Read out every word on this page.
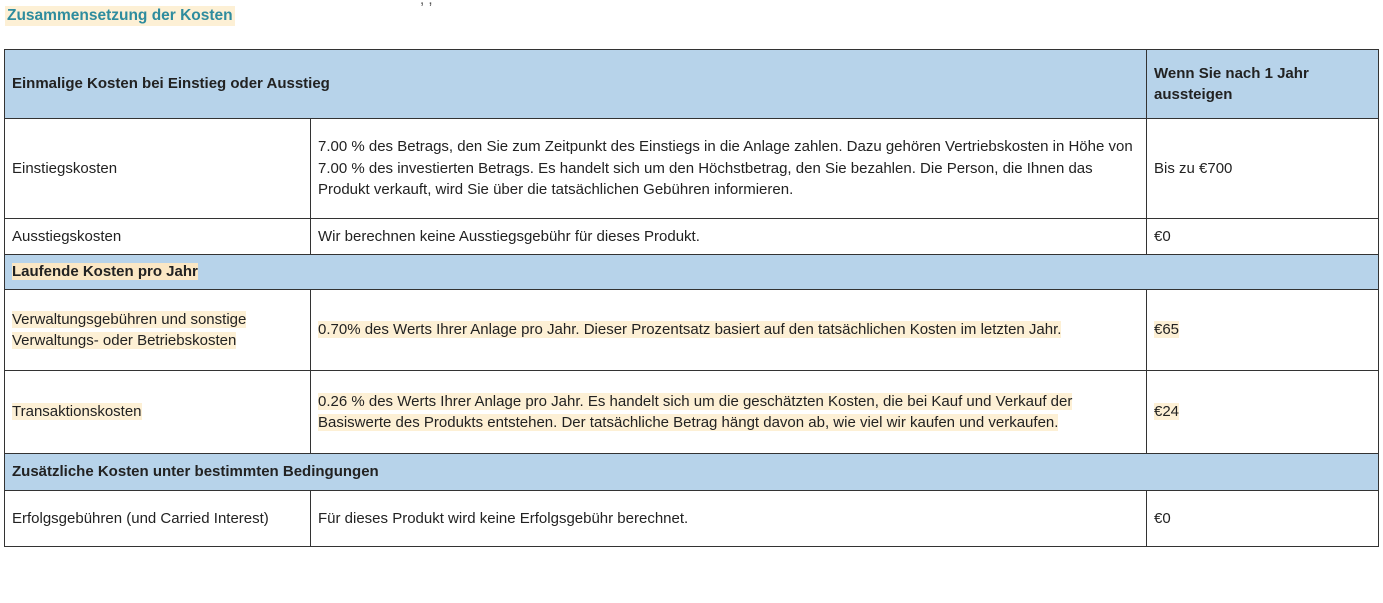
Zusammensetzung der Kosten
Einmalige Kosten bei Einstieg oder Ausstieg		Wenn Sie nach 1 Jahr aussteigen
Einstiegskosten	7.00 % des Betrags, den Sie zum Zeitpunkt des Einstiegs in die Anlage zahlen. Dazu gehören Vertriebskosten in Höhe von 7.00 % des investierten Betrags. Es handelt sich um den Höchstbetrag, den Sie bezahlen. Die Person, die Ihnen das Produkt verkauft, wird Sie über die tatsächlichen Gebühren informieren.	Bis zu €700
Ausstiegskosten	Wir berechnen keine Ausstiegsgebühr für dieses Produkt.	€0
Laufende Kosten pro Jahr		
Verwaltungsgebühren und sonstige Verwaltungs- oder Betriebskosten	0.70% des Werts Ihrer Anlage pro Jahr. Dieser Prozentsatz basiert auf den tatsächlichen Kosten im letzten Jahr.	€65
Transaktionskosten	0.26 % des Werts Ihrer Anlage pro Jahr. Es handelt sich um die geschätzten Kosten, die bei Kauf und Verkauf der Basiswerte des Produkts entstehen. Der tatsächliche Betrag hängt davon ab, wie viel wir kaufen und verkaufen.	€24
Zusätzliche Kosten unter bestimmten Bedingungen		
Erfolgsgebühren (und Carried Interest)	Für dieses Produkt wird keine Erfolgsgebühr berechnet.	€0
